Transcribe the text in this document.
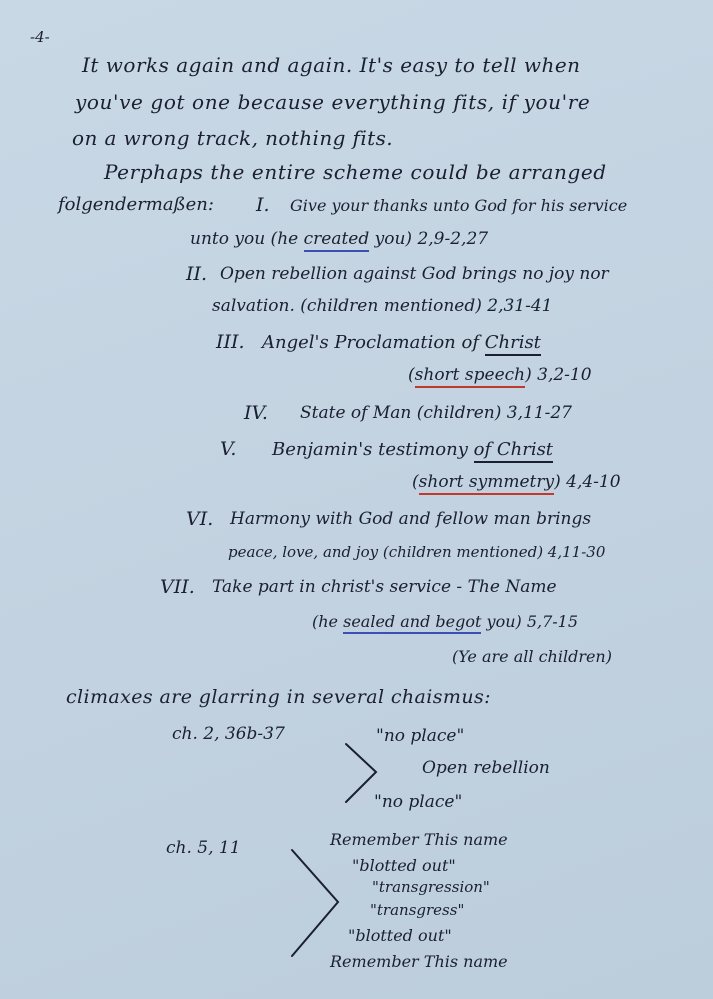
-4-
It works again and again. It's easy to tell when
you've got one because everything fits, if you're
on a wrong track, nothing fits.
Perphaps the entire scheme could be arranged
folgendermaßen: I. Give your thanks unto God for his service
unto you (he created you) 2,9-2,27
II. Open rebellion against God brings no joy nor
salvation. (children mentioned) 2,31-41
III. Angel's Proclamation of Christ
(short speech) 3,2-10
IV. State of Man (children) 3,11-27
V. Benjamin's testimony of Christ
(short symmetry) 4,4-10
VI. Harmony with God and fellow man brings
peace, love, and joy (children mentioned) 4,11-30
VII. Take part in christ's service - The Name
(he sealed and begot you) 5,7-15
(Ye are all children)
climaxes are glarring in several chaismus:
ch. 2, 36b-37	"no place"
Open rebellion
"no place"
ch. 5, 11	Remember This name
"blotted out"
"transgression"
"transgress"
"blotted out"
Remember This name
